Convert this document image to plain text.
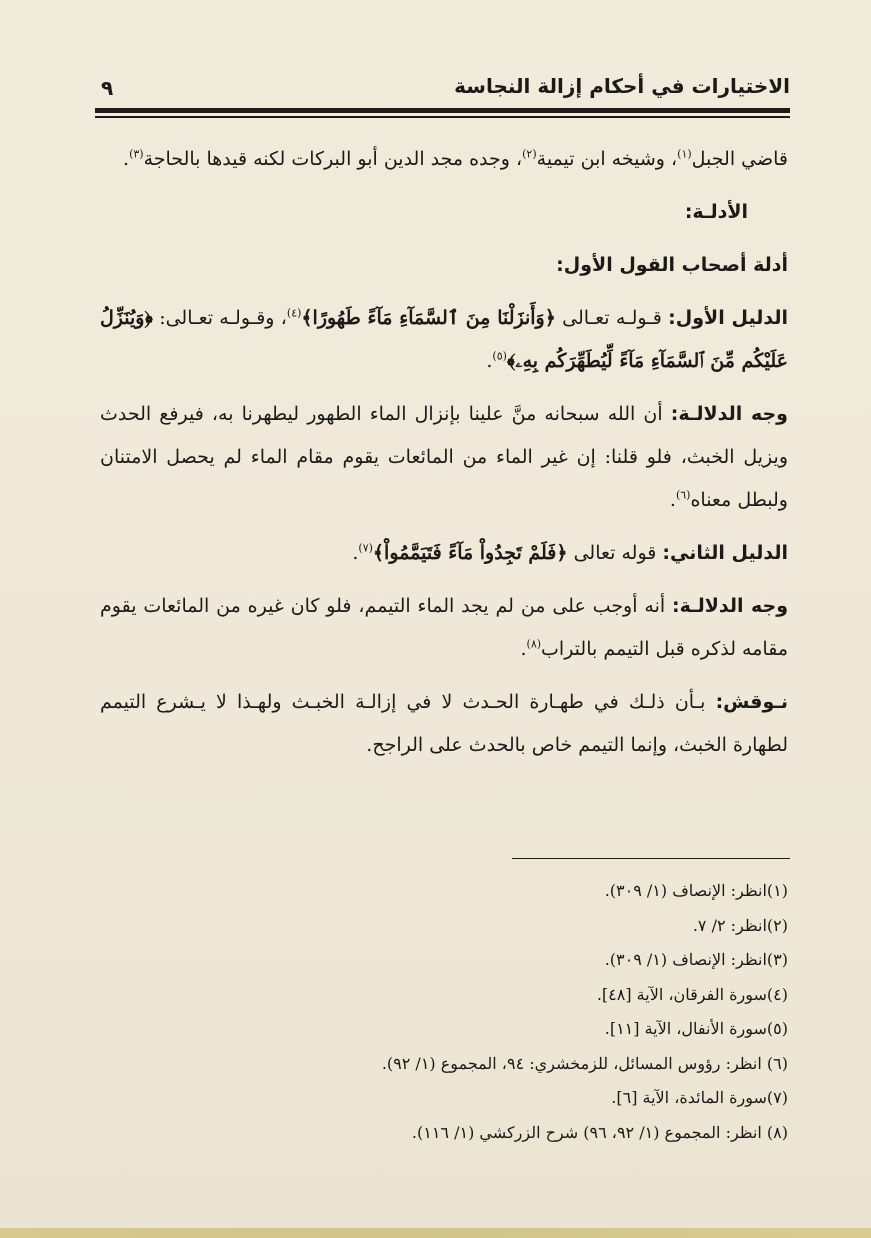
الاختيارات في أحكام إزالة النجاسة
٩

قاضي الجبل$^{(١)}$، وشيخه ابن تيمية$^{(٢)}$، وجده مجد الدين أبو البركات لكنه قيدها بالحاجة$^{(٣)}$.

الأدلـة:

أدلة أصحاب القول الأول:

الدليل الأول: قـولـه تعـالى ﴿وَأَنزَلْنَا مِنَ ٱلسَّمَآءِ مَآءً طَهُورًا﴾$^{(٤)}$، وقـولـه تعـالى: ﴿وَيُنَزِّلُ عَلَيْكُم مِّنَ ٱلسَّمَآءِ مَآءً لِّيُطَهِّرَكُم بِهِۦ﴾$^{(٥)}$.

وجه الدلالـة: أن الله سبحانه منَّ علينا بإنزال الماء الطهور ليطهرنا به، فيرفع الحدث ويزيل الخبث، فلو قلنا: إن غير الماء من المائعات يقوم مقام الماء لم يحصل الامتنان ولبطل معناه$^{(٦)}$.

الدليل الثاني: قوله تعالى ﴿فَلَمْ تَجِدُواْ مَآءً فَتَيَمَّمُواْ﴾$^{(٧)}$.

وجه الدلالـة: أنه أوجب على من لم يجد الماء التيمم، فلو كان غيره من المائعات يقوم مقامه لذكره قبل التيمم بالتراب$^{(٨)}$.

نـوقش: بـأن ذلـك في طهـارة الحـدث لا في إزالـة الخبـث ولهـذا لا يـشرع التيمم لطهارة الخبث، وإنما التيمم خاص بالحدث على الراجح.

(١)انظر: الإنصاف (١/ ٣٠٩).
(٢)انظر: ٢/ ٧.
(٣)انظر: الإنصاف (١/ ٣٠٩).
(٤)سورة الفرقان، الآية [٤٨].
(٥)سورة الأنفال، الآية [١١].
(٦) انظر: رؤوس المسائل، للزمخشري: ٩٤، المجموع (١/ ٩٢).
(٧)سورة المائدة، الآية [٦].
(٨) انظر: المجموع (١/ ٩٢، ٩٦) شرح الزركشي (١/ ١١٦).
